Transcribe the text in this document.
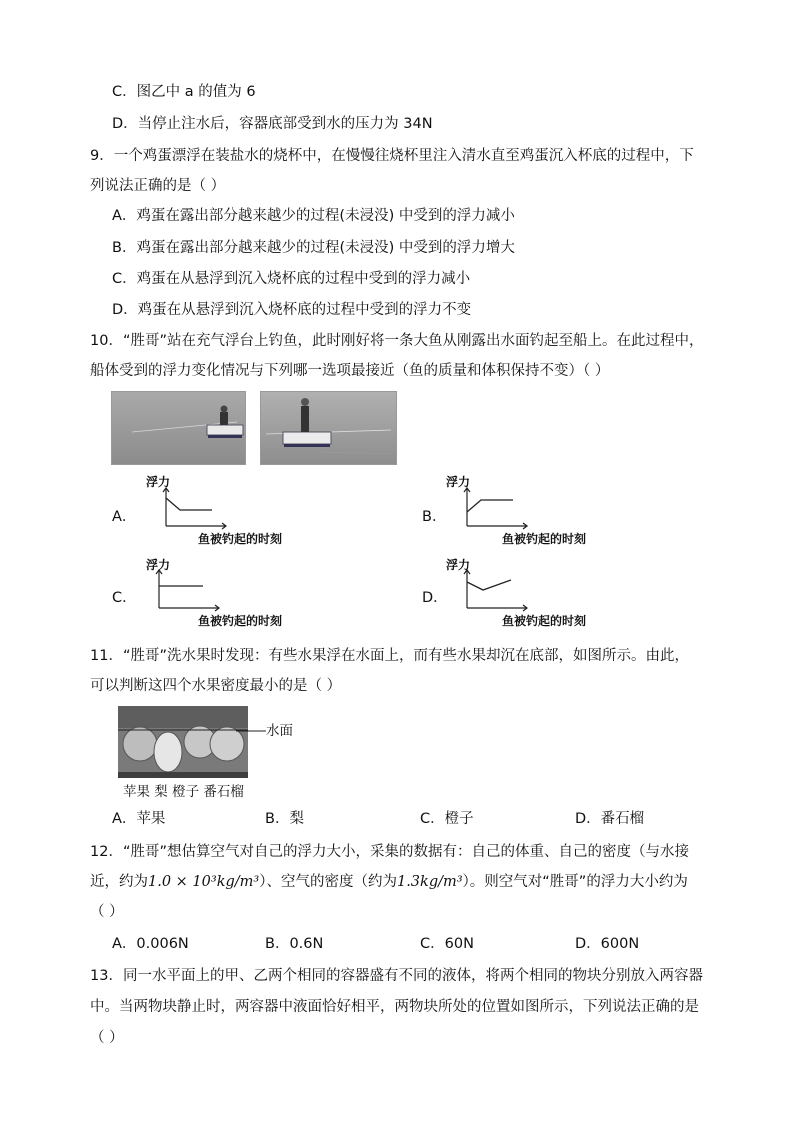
C．图乙中 a 的值为 6
D．当停止注水后，容器底部受到水的压力为 34N
9．一个鸡蛋漂浮在装盐水的烧杯中，在慢慢往烧杯里注入清水直至鸡蛋沉入杯底的过程中，下
列说法正确的是（ ）
A．鸡蛋在露出部分越来越少的过程(未浸没) 中受到的浮力减小
B．鸡蛋在露出部分越来越少的过程(未浸没) 中受到的浮力增大
C．鸡蛋在从悬浮到沉入烧杯底的过程中受到的浮力减小
D．鸡蛋在从悬浮到沉入烧杯底的过程中受到的浮力不变
10．“胜哥”站在充气浮台上钓鱼，此时刚好将一条大鱼从刚露出水面钓起至船上。在此过程中，
船体受到的浮力变化情况与下列哪一选项最接近（鱼的质量和体积保持不变）（ ）
A．
浮力
鱼被钓起的时刻
B．
浮力
鱼被钓起的时刻
C．
浮力
鱼被钓起的时刻
D．
浮力
鱼被钓起的时刻
11．“胜哥”洗水果时发现：有些水果浮在水面上，而有些水果却沉在底部，如图所示。由此，
可以判断这四个水果密度最小的是（ ）
水面
苹果 梨 橙子 番石榴
A．苹果	B．梨	C．橙子	D．番石榴
12．“胜哥”想估算空气对自己的浮力大小，采集的数据有：自己的体重、自己的密度（与水接
近，约为1.0 × 10³kg/m³）、空气的密度（约为1.3kg/m³）。则空气对“胜哥”的浮力大小约为
（ ）
A．0.006N	B．0.6N	C．60N	D．600N
13．同一水平面上的甲、乙两个相同的容器盛有不同的液体，将两个相同的物块分别放入两容器
中。当两物块静止时，两容器中液面恰好相平，两物块所处的位置如图所示，下列说法正确的是
（ ）
